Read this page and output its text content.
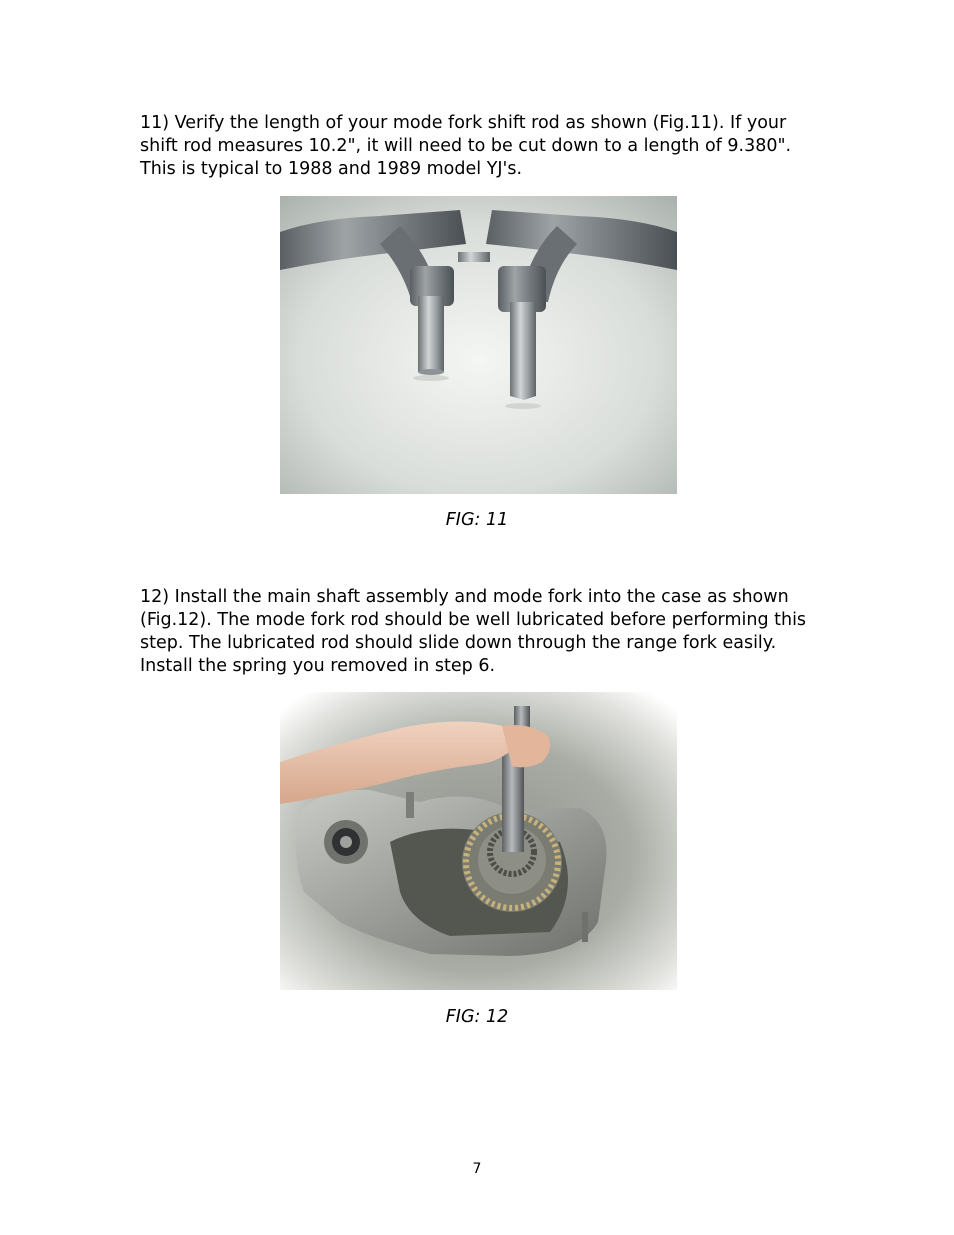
11) Verify the length of your mode fork shift rod as shown (Fig.11). If your shift rod measures 10.2", it will need to be cut down to a length of 9.380". This is typical to 1988 and 1989 model YJ's.

FIG: 11

12) Install the main shaft assembly and mode fork into the case as shown (Fig.12). The mode fork rod should be well lubricated before performing this step. The lubricated rod should slide down through the range fork easily. Install the spring you removed in step 6.

FIG: 12

7
